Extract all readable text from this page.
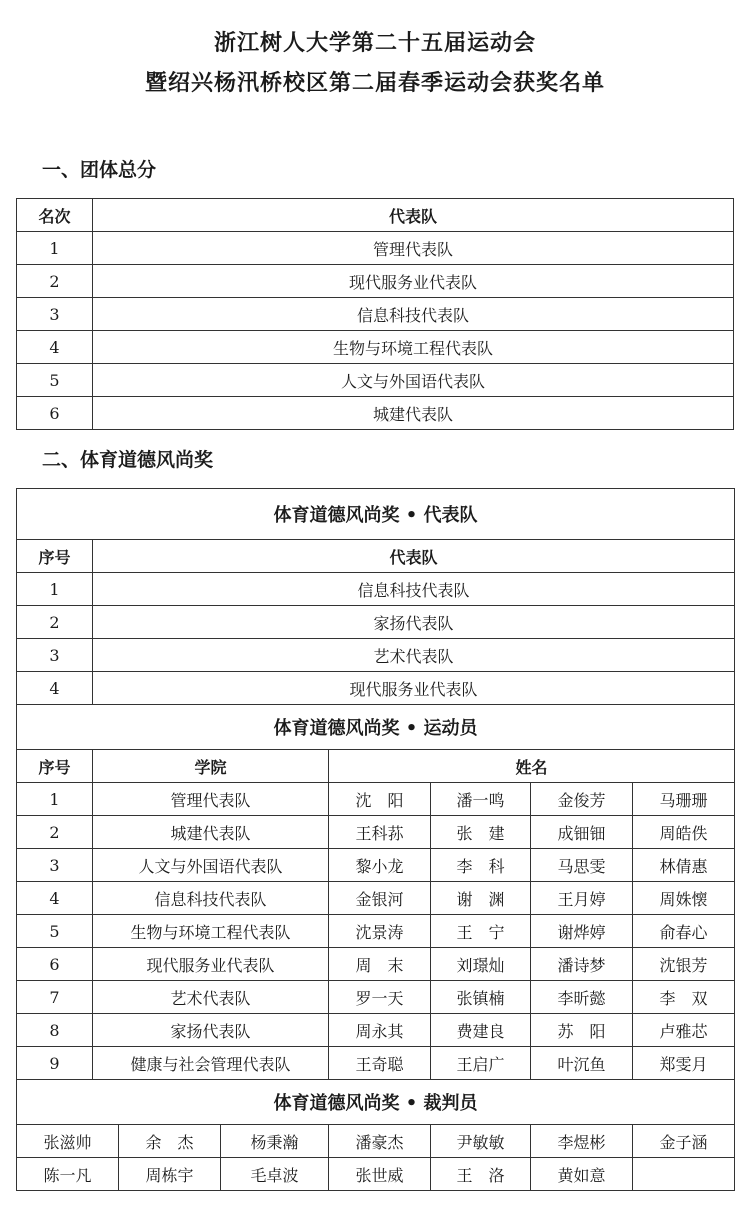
浙江树人大学第二十五届运动会
暨绍兴杨汛桥校区第二届春季运动会获奖名单
一、团体总分
名次	代表队
1	管理代表队
2	现代服务业代表队
3	信息科技代表队
4	生物与环境工程代表队
5	人文与外国语代表队
6	城建代表队
二、体育道德风尚奖
体育道德风尚奖 • 代表队							
序号	代表队						
1	信息科技代表队						
2	家扬代表队						
3	艺术代表队						
4	现代服务业代表队						
体育道德风尚奖 • 运动员							
序号	学院			姓名			
1	管理代表队			沈　阳	潘一鸣	金俊芳	马珊珊
2	城建代表队			王科荪	张　建	成钿钿	周皓佚
3	人文与外国语代表队			黎小龙	李　科	马思雯	林倩惠
4	信息科技代表队			金银河	谢　渊	王月婷	周姝懐
5	生物与环境工程代表队			沈景涛	王　宁	谢烨婷	俞春心
6	现代服务业代表队			周　末	刘璟灿	潘诗梦	沈银芳
7	艺术代表队			罗一天	张镇楠	李昕懿	李　双
8	家扬代表队			周永其	费建良	苏　阳	卢雅芯
9	健康与社会管理代表队			王奇聪	王启广	叶沉鱼	郑雯月
体育道德风尚奖 • 裁判员							
张滋帅		余　杰	杨秉瀚	潘豪杰	尹敏敏	李煜彬	金子涵
陈一凡		周栋宇	毛卓波	张世威	王　洛	黄如意	
